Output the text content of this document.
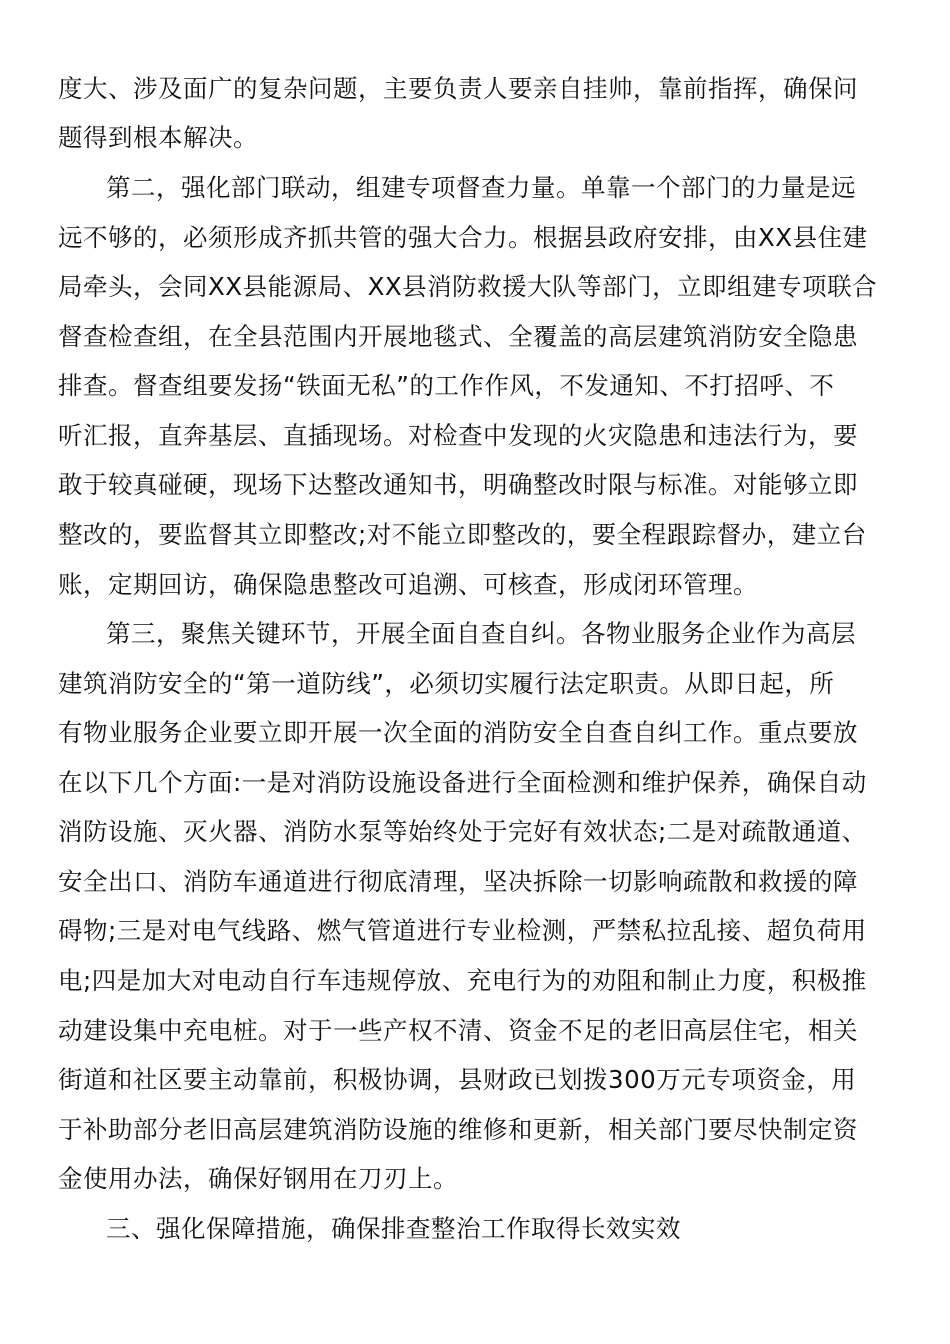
度大、涉及面广的复杂问题，主要负责人要亲自挂帅，靠前指挥，确保问

题得到根本解决。

第二，强化部门联动，组建专项督查力量。单靠一个部门的力量是远

远不够的，必须形成齐抓共管的强大合力。根据县政府安排，由XX县住建

局牵头，会同XX县能源局、XX县消防救援大队等部门，立即组建专项联合

督查检查组，在全县范围内开展地毯式、全覆盖的高层建筑消防安全隐患

排查。督查组要发扬“铁面无私”的工作作风，不发通知、不打招呼、不

听汇报，直奔基层、直插现场。对检查中发现的火灾隐患和违法行为，要

敢于较真碰硬，现场下达整改通知书，明确整改时限与标准。对能够立即

整改的，要监督其立即整改;对不能立即整改的，要全程跟踪督办，建立台

账，定期回访，确保隐患整改可追溯、可核查，形成闭环管理。

第三，聚焦关键环节，开展全面自查自纠。各物业服务企业作为高层

建筑消防安全的“第一道防线”，必须切实履行法定职责。从即日起，所

有物业服务企业要立即开展一次全面的消防安全自查自纠工作。重点要放

在以下几个方面:一是对消防设施设备进行全面检测和维护保养，确保自动

消防设施、灭火器、消防水泵等始终处于完好有效状态;二是对疏散通道、

安全出口、消防车通道进行彻底清理，坚决拆除一切影响疏散和救援的障

碍物;三是对电气线路、燃气管道进行专业检测，严禁私拉乱接、超负荷用

电;四是加大对电动自行车违规停放、充电行为的劝阻和制止力度，积极推

动建设集中充电桩。对于一些产权不清、资金不足的老旧高层住宅，相关

街道和社区要主动靠前，积极协调，县财政已划拨300万元专项资金，用

于补助部分老旧高层建筑消防设施的维修和更新，相关部门要尽快制定资

金使用办法，确保好钢用在刀刃上。

三、强化保障措施，确保排查整治工作取得长效实效
